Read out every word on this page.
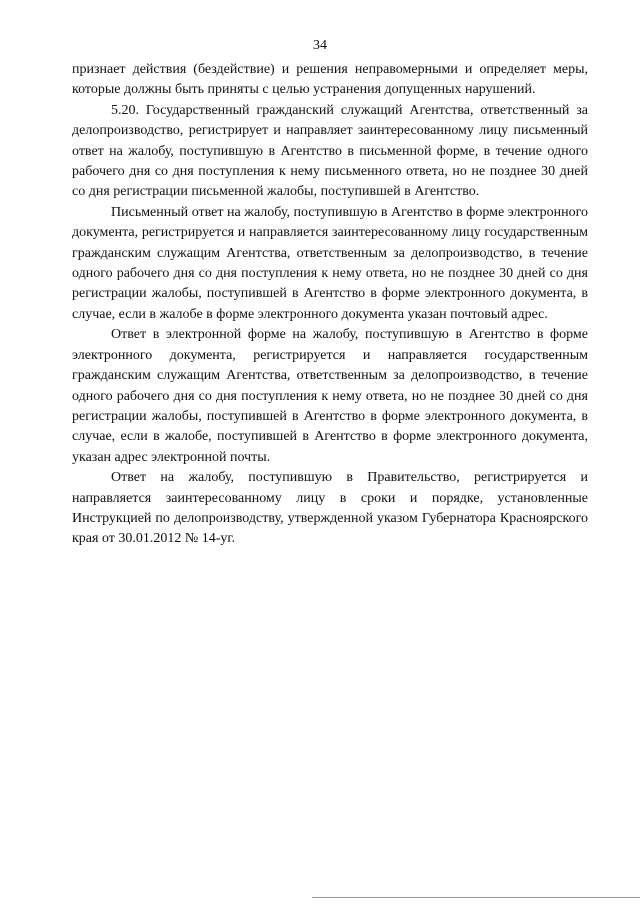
34

признает действия (бездействие) и решения неправомерными и определяет меры, которые должны быть приняты с целью устранения допущенных нарушений.

5.20. Государственный гражданский служащий Агентства, ответственный за делопроизводство, регистрирует и направляет заинтересованному лицу письменный ответ на жалобу, поступившую в Агентство в письменной форме, в течение одного рабочего дня со дня поступления к нему письменного ответа, но не позднее 30 дней со дня регистрации письменной жалобы, поступившей в Агентство.

Письменный ответ на жалобу, поступившую в Агентство в форме электронного документа, регистрируется и направляется заинтересованному лицу государственным гражданским служащим Агентства, ответственным за делопроизводство, в течение одного рабочего дня со дня поступления к нему ответа, но не позднее 30 дней со дня регистрации жалобы, поступившей в Агентство в форме электронного документа, в случае, если в жалобе в форме электронного документа указан почтовый адрес.

Ответ в электронной форме на жалобу, поступившую в Агентство в форме электронного документа, регистрируется и направляется государственным гражданским служащим Агентства, ответственным за делопроизводство, в течение одного рабочего дня со дня поступления к нему ответа, но не позднее 30 дней со дня регистрации жалобы, поступившей в Агентство в форме электронного документа, в случае, если в жалобе, поступившей в Агентство в форме электронного документа, указан адрес электронной почты.

Ответ на жалобу, поступившую в Правительство, регистрируется и направляется заинтересованному лицу в сроки и порядке, установленные Инструкцией по делопроизводству, утвержденной указом Губернатора Красноярского края от 30.01.2012 № 14-уг.
